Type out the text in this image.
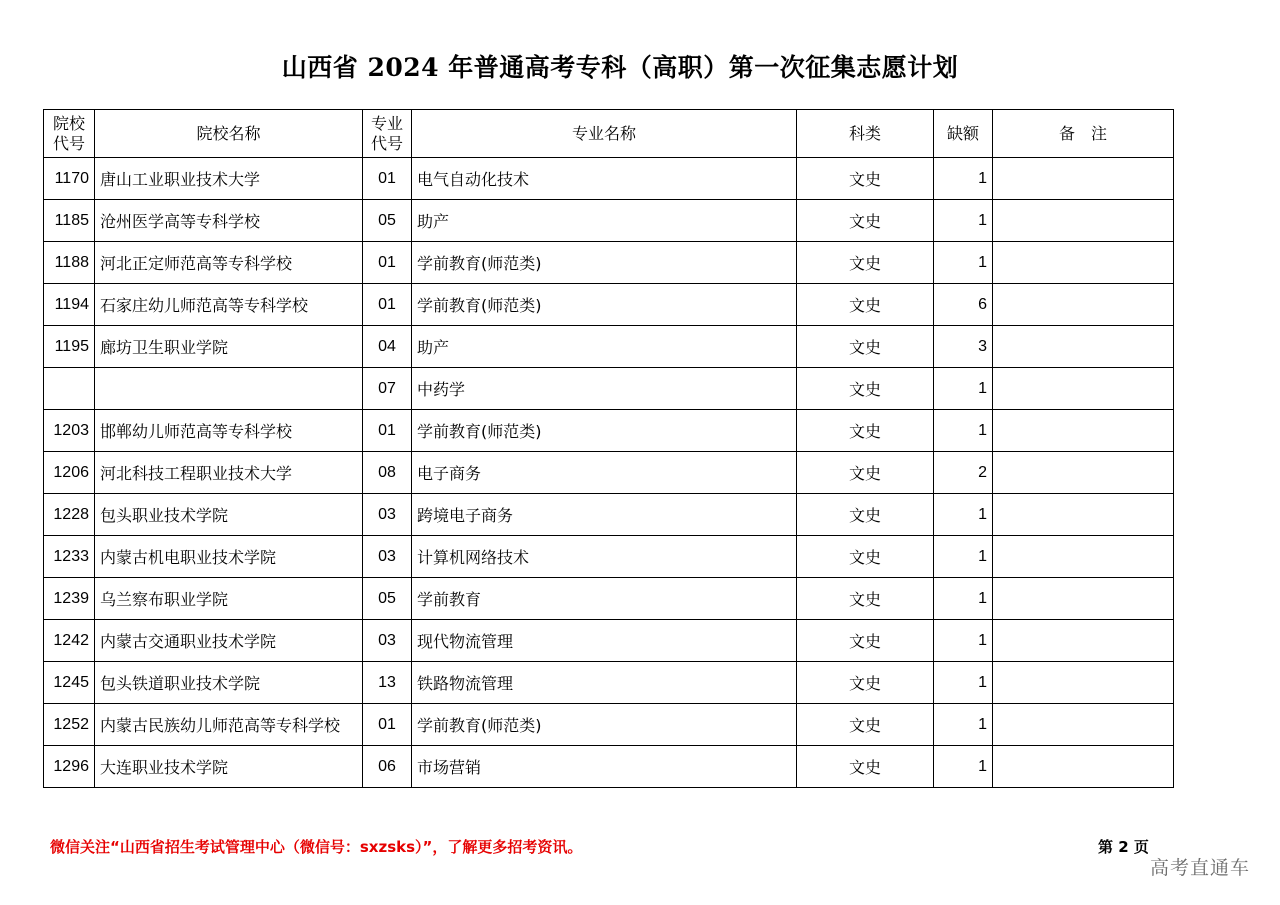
山西省 2024 年普通高考专科（高职）第一次征集志愿计划
院校代号	院校名称	专业代号	专业名称	科类	缺额	备　注
1170	唐山工业职业技术大学	01	电气自动化技术	文史	1	
1185	沧州医学高等专科学校	05	助产	文史	1	
1188	河北正定师范高等专科学校	01	学前教育(师范类)	文史	1	
1194	石家庄幼儿师范高等专科学校	01	学前教育(师范类)	文史	6	
1195	廊坊卫生职业学院	04	助产	文史	3	
		07	中药学	文史	1	
1203	邯郸幼儿师范高等专科学校	01	学前教育(师范类)	文史	1	
1206	河北科技工程职业技术大学	08	电子商务	文史	2	
1228	包头职业技术学院	03	跨境电子商务	文史	1	
1233	内蒙古机电职业技术学院	03	计算机网络技术	文史	1	
1239	乌兰察布职业学院	05	学前教育	文史	1	
1242	内蒙古交通职业技术学院	03	现代物流管理	文史	1	
1245	包头铁道职业技术学院	13	铁路物流管理	文史	1	
1252	内蒙古民族幼儿师范高等专科学校	01	学前教育(师范类)	文史	1	
1296	大连职业技术学院	06	市场营销	文史	1	
微信关注“山西省招生考试管理中心（微信号：sxzsks）”，了解更多招考资讯。	第 2 页
高考直通车
